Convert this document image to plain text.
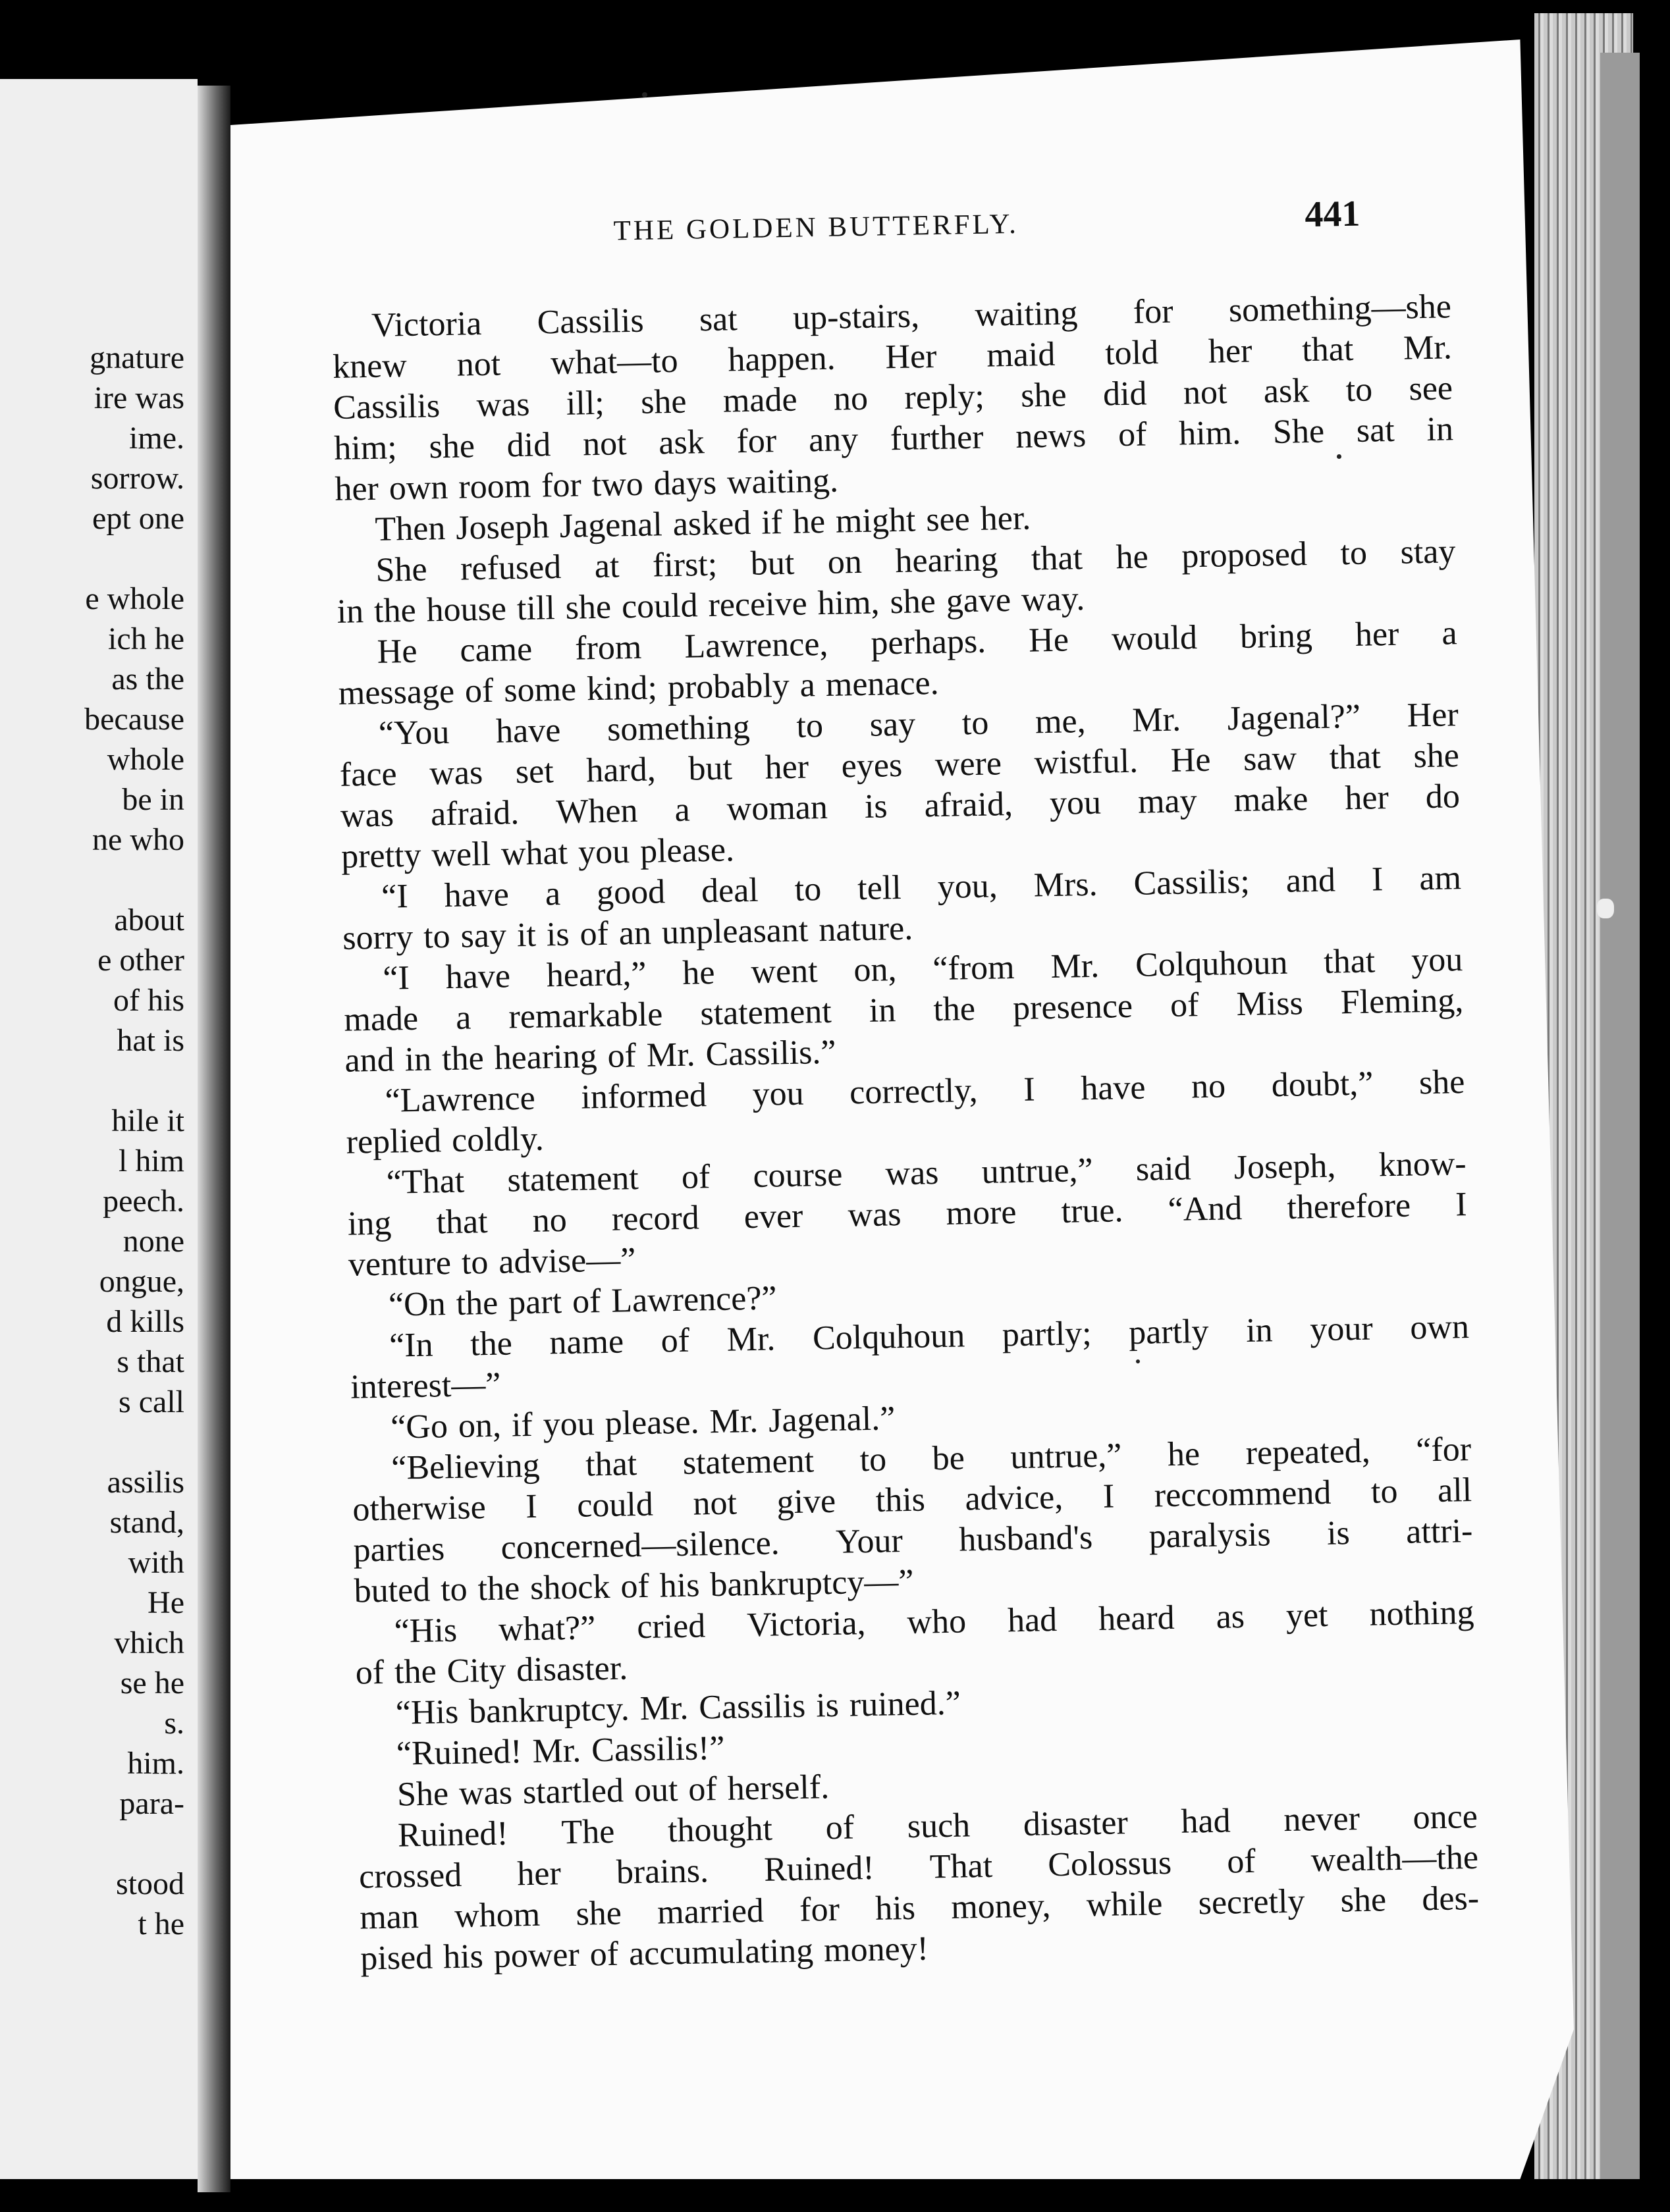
gnature
ire was
ime.
sorrow.
ept one
e whole
ich he
as the
because
whole
be in
ne who
about
e other
of his
hat is
hile it
l him
peech.
none
ongue,
d kills
s that
s call
assilis
stand,
with
He
vhich
se he
s.
him.
para-
stood
t he
THE GOLDEN BUTTERFLY.	441
Victoria Cassilis sat up-stairs, waiting for something—she
knew not what—to happen. Her maid told her that Mr.
Cassilis was ill; she made no reply; she did not ask to see
him; she did not ask for any further news of him. She sat in
her own room for two days waiting.
Then Joseph Jagenal asked if he might see her.
She refused at first; but on hearing that he proposed to stay
in the house till she could receive him, she gave way.
He came from Lawrence, perhaps. He would bring her a
message of some kind; probably a menace.
“You have something to say to me, Mr. Jagenal?” Her
face was set hard, but her eyes were wistful. He saw that she
was afraid. When a woman is afraid, you may make her do
pretty well what you please.
“I have a good deal to tell you, Mrs. Cassilis; and I am
sorry to say it is of an unpleasant nature.
“I have heard,” he went on, “from Mr. Colquhoun that you
made a remarkable statement in the presence of Miss Fleming,
and in the hearing of Mr. Cassilis.”
“Lawrence informed you correctly, I have no doubt,” she
replied coldly.
“That statement of course was untrue,” said Joseph, know-
ing that no record ever was more true. “And therefore I
venture to advise—”
“On the part of Lawrence?”
“In the name of Mr. Colquhoun partly; partly in your own
interest—”
“Go on, if you please. Mr. Jagenal.”
“Believing that statement to be untrue,” he repeated, “for
otherwise I could not give this advice, I reccommend to all
parties concerned—silence. Your husband's paralysis is attri-
buted to the shock of his bankruptcy—”
“His what?” cried Victoria, who had heard as yet nothing
of the City disaster.
“His bankruptcy. Mr. Cassilis is ruined.”
“Ruined! Mr. Cassilis!”
She was startled out of herself.
Ruined! The thought of such disaster had never once
crossed her brains. Ruined! That Colossus of wealth—the
man whom she married for his money, while secretly she des-
pised his power of accumulating money!
